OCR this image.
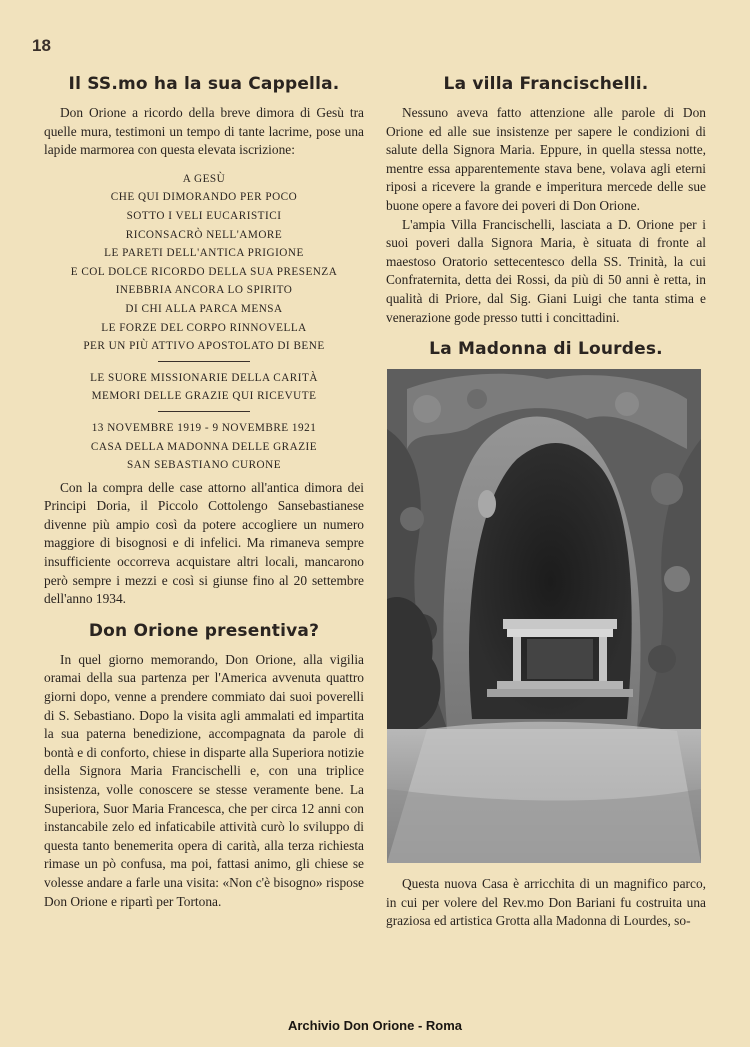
18
Il SS.mo ha la sua Cappella.

Don Orione a ricordo della breve dimora di Gesù tra quelle mura, testimoni un tempo di tante lacrime, pose una lapide marmorea con questa elevata iscrizione:

A GESÙ
CHE QUI DIMORANDO PER POCO
SOTTO I VELI EUCARISTICI
RICONSACRÒ NELL'AMORE
LE PARETI DELL'ANTICA PRIGIONE
E COL DOLCE RICORDO DELLA SUA PRESENZA
INEBBRIA ANCORA LO SPIRITO
DI CHI ALLA PARCA MENSA
LE FORZE DEL CORPO RINNOVELLA
PER UN PIÙ ATTIVO APOSTOLATO DI BENE
LE SUORE MISSIONARIE DELLA CARITÀ
MEMORI DELLE GRAZIE QUI RICEVUTE
13 NOVEMBRE 1919 - 9 NOVEMBRE 1921
CASA DELLA MADONNA DELLE GRAZIE
SAN SEBASTIANO CURONE

Con la compra delle case attorno all'antica dimora dei Principi Doria, il Piccolo Cottolengo Sansebastianese divenne più ampio così da potere accogliere un numero maggiore di bisognosi e di infelici. Ma rimaneva sempre insufficiente occorreva acquistare altri locali, mancarono però sempre i mezzi e così si giunse fino al 20 settembre dell'anno 1934.

Don Orione presentiva?

In quel giorno memorando, Don Orione, alla vigilia oramai della sua partenza per l'America avvenuta quattro giorni dopo, venne a prendere commiato dai suoi poverelli di S. Sebastiano. Dopo la visita agli ammalati ed impartita la sua paterna benedizione, accompagnata da parole di bontà e di conforto, chiese in disparte alla Superiora notizie della Signora Maria Francischelli e, con una triplice insistenza, volle conoscere se stesse veramente bene. La Superiora, Suor Maria Francesca, che per circa 12 anni con instancabile zelo ed infaticabile attività curò lo sviluppo di questa tanto benemerita opera di carità, alla terza richiesta rimase un pò confusa, ma poi, fattasi animo, gli chiese se volesse andare a farle una visita: «Non c'è bisogno» rispose Don Orione e ripartì per Tortona.

La villa Francischelli.

Nessuno aveva fatto attenzione alle parole di Don Orione ed alle sue insistenze per sapere le condizioni di salute della Signora Maria. Eppure, in quella stessa notte, mentre essa apparentemente stava bene, volava agli eterni riposi a ricevere la grande e imperitura mercede delle sue buone opere a favore dei poveri di Don Orione.

L'ampia Villa Francischelli, lasciata a D. Orione per i suoi poveri dalla Signora Maria, è situata di fronte al maestoso Oratorio settecentesco della SS. Trinità, la cui Confraternita, detta dei Rossi, da più di 50 anni è retta, in qualità di Priore, dal Sig. Giani Luigi che tanta stima e venerazione gode presso tutti i concittadini.

La Madonna di Lourdes.

Questa nuova Casa è arricchita di un magnifico parco, in cui per volere del Rev.mo Don Bariani fu costruita una graziosa ed artistica Grotta alla Madonna di Lourdes, so-

Archivio Don Orione - Roma
